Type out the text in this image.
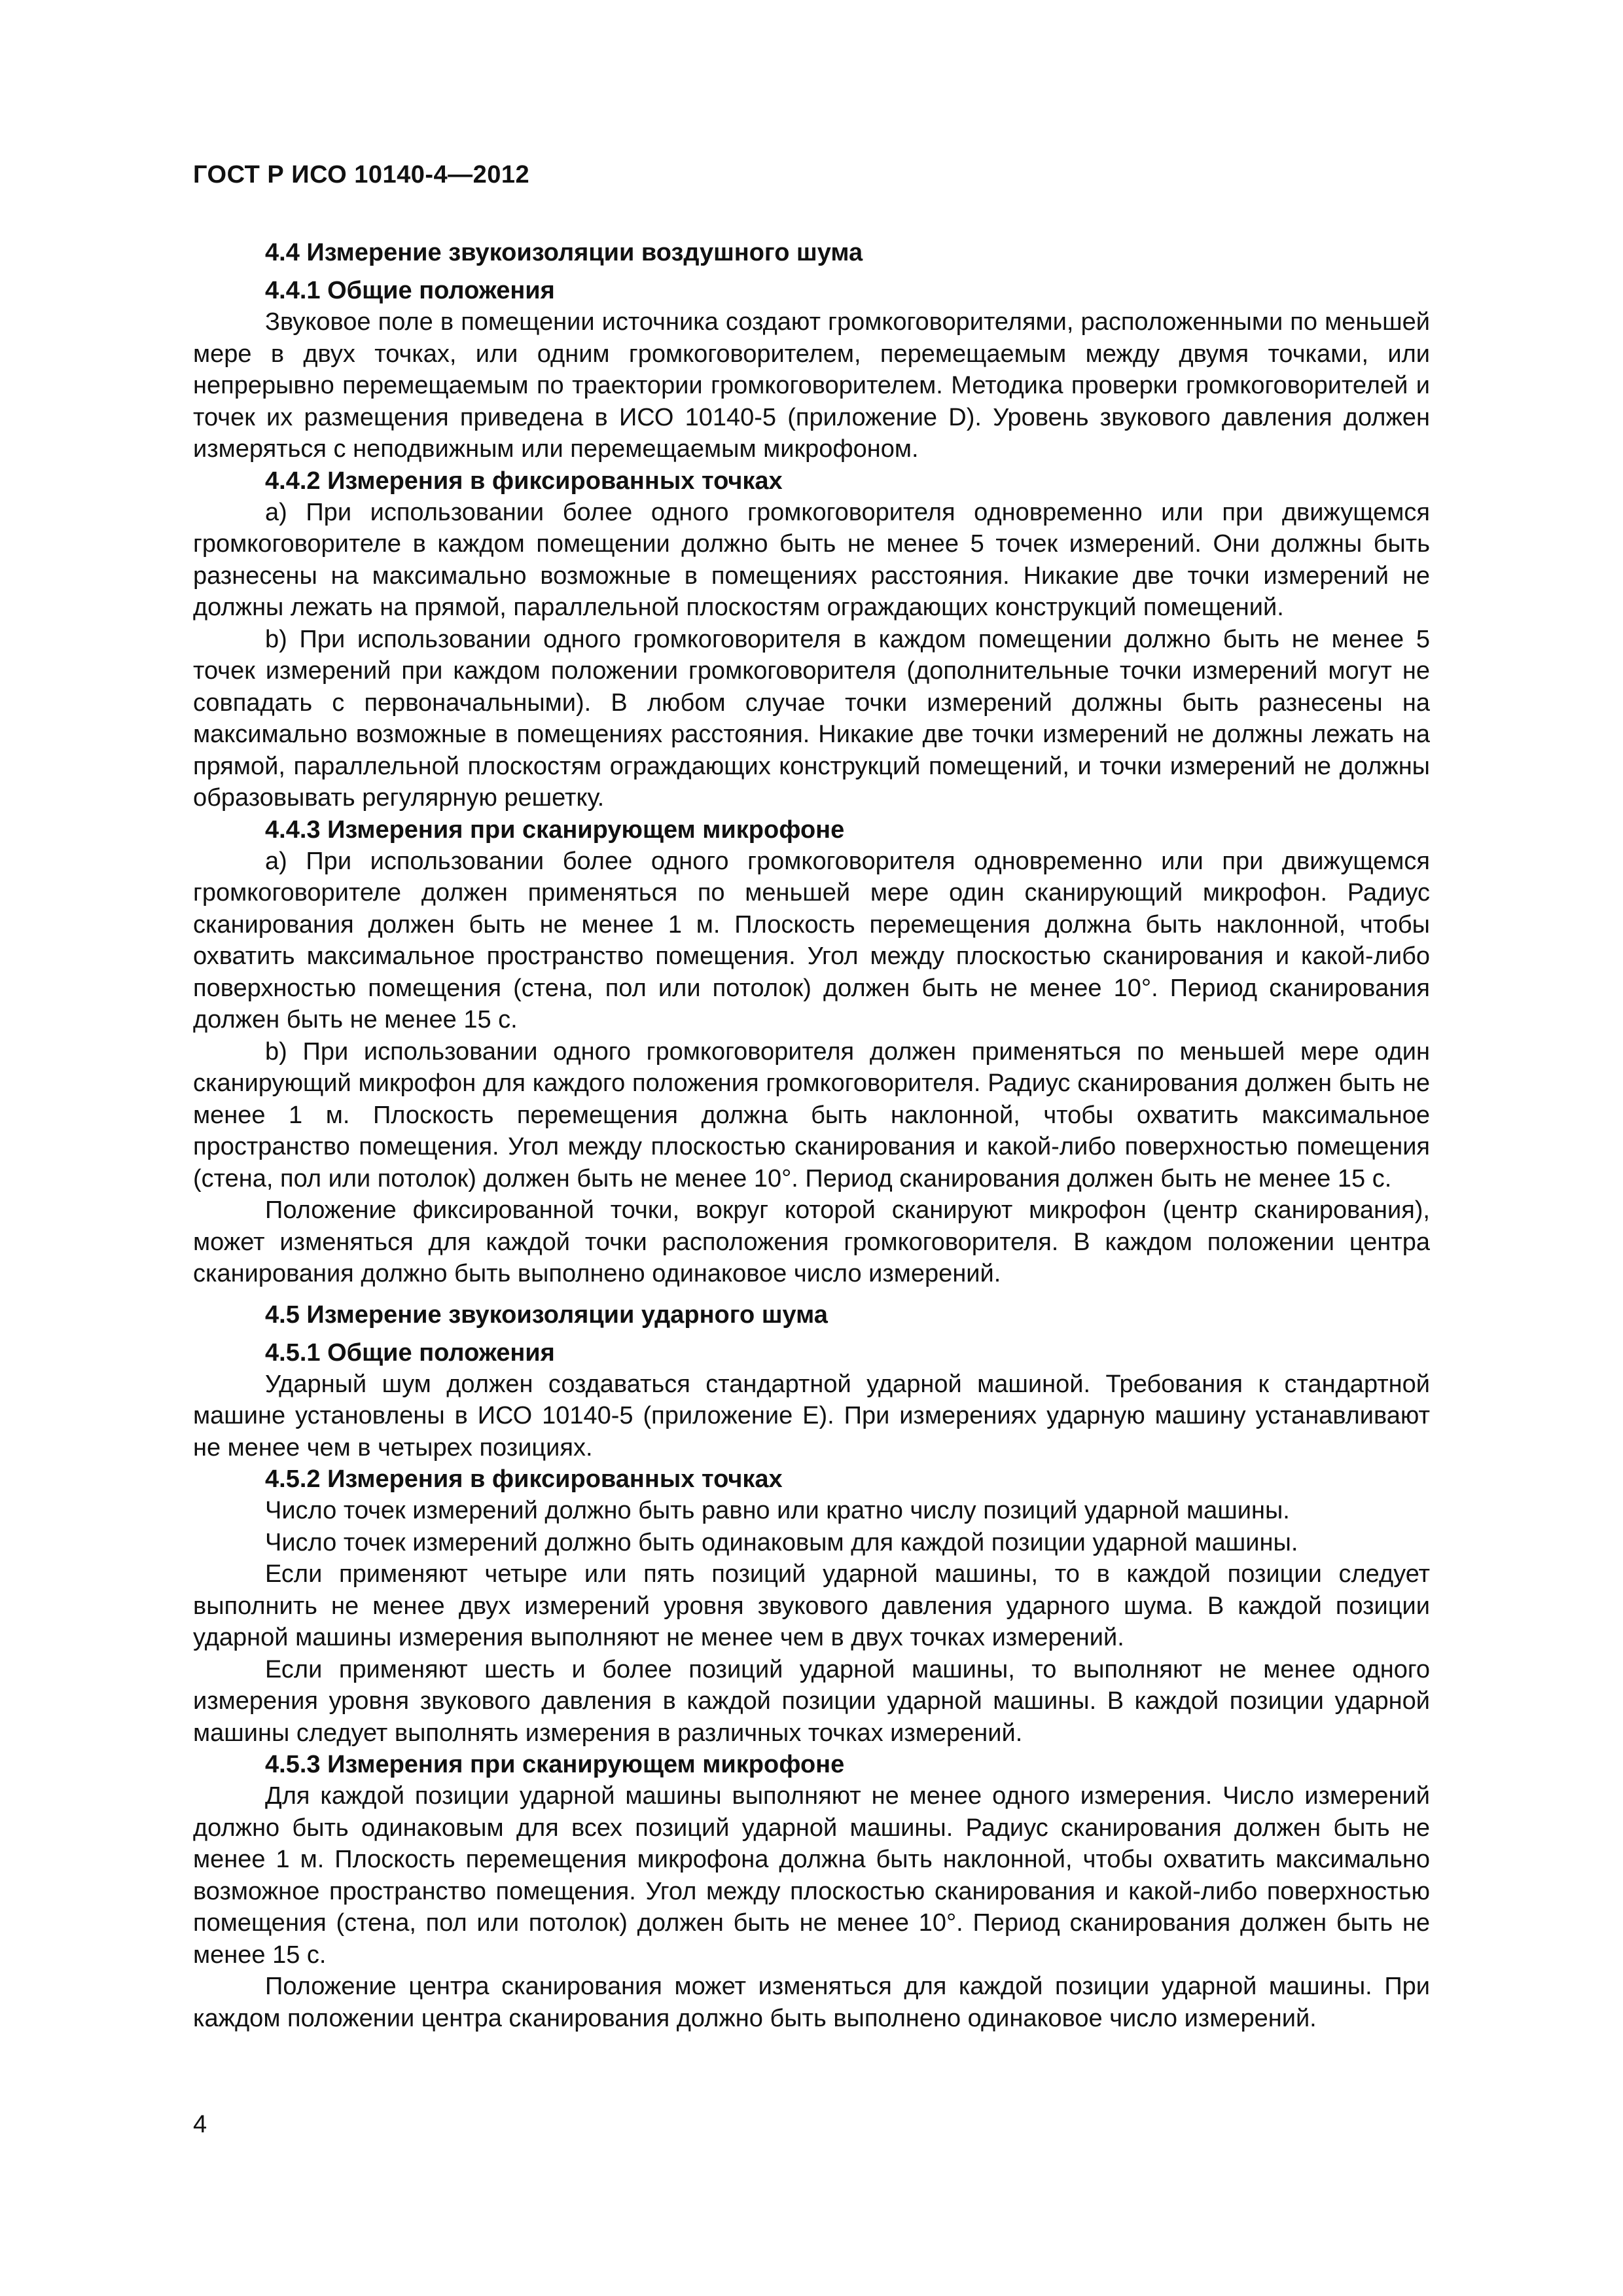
ГОСТ Р ИСО 10140-4—2012

4.4 Измерение звукоизоляции воздушного шума
4.4.1 Общие положения

Звуковое поле в помещении источника создают громкоговорителями, расположенными по меньшей мере в двух точках, или одним громкоговорителем, перемещаемым между двумя точками, или непрерывно перемещаемым по траектории громкоговорителем. Методика проверки громкоговорителей и точек их размещения приведена в ИСО 10140-5 (приложение D). Уровень звукового давления должен измеряться с неподвижным или перемещаемым микрофоном.

4.4.2 Измерения в фиксированных точках

а) При использовании более одного громкоговорителя одновременно или при движущемся громкоговорителе в каждом помещении должно быть не менее 5 точек измерений. Они должны быть разнесены на максимально возможные в помещениях расстояния. Никакие две точки измерений не должны лежать на прямой, параллельной плоскостям ограждающих конструкций помещений.

b) При использовании одного громкоговорителя в каждом помещении должно быть не менее 5 точек измерений при каждом положении громкоговорителя (дополнительные точки измерений могут не совпадать с первоначальными). В любом случае точки измерений должны быть разнесены на максимально возможные в помещениях расстояния. Никакие две точки измерений не должны лежать на прямой, параллельной плоскостям ограждающих конструкций помещений, и точки измерений не должны образовывать регулярную решетку.

4.4.3 Измерения при сканирующем микрофоне

а) При использовании более одного громкоговорителя одновременно или при движущемся громкоговорителе должен применяться по меньшей мере один сканирующий микрофон. Радиус сканирования должен быть не менее 1 м. Плоскость перемещения должна быть наклонной, чтобы охватить максимальное пространство помещения. Угол между плоскостью сканирования и какой-либо поверхностью помещения (стена, пол или потолок) должен быть не менее 10°. Период сканирования должен быть не менее 15 с.

b) При использовании одного громкоговорителя должен применяться по меньшей мере один сканирующий микрофон для каждого положения громкоговорителя. Радиус сканирования должен быть не менее 1 м. Плоскость перемещения должна быть наклонной, чтобы охватить максимальное пространство помещения. Угол между плоскостью сканирования и какой-либо поверхностью помещения (стена, пол или потолок) должен быть не менее 10°. Период сканирования должен быть не менее 15 с.

Положение фиксированной точки, вокруг которой сканируют микрофон (центр сканирования), может изменяться для каждой точки расположения громкоговорителя. В каждом положении центра сканирования должно быть выполнено одинаковое число измерений.

4.5 Измерение звукоизоляции ударного шума
4.5.1 Общие положения

Ударный шум должен создаваться стандартной ударной машиной. Требования к стандартной машине установлены в ИСО 10140-5 (приложение Е). При измерениях ударную машину устанавливают не менее чем в четырех позициях.

4.5.2 Измерения в фиксированных точках

Число точек измерений должно быть равно или кратно числу позиций ударной машины.

Число точек измерений должно быть одинаковым для каждой позиции ударной машины.

Если применяют четыре или пять позиций ударной машины, то в каждой позиции следует выполнить не менее двух измерений уровня звукового давления ударного шума. В каждой позиции ударной машины измерения выполняют не менее чем в двух точках измерений.

Если применяют шесть и более позиций ударной машины, то выполняют не менее одного измерения уровня звукового давления в каждой позиции ударной машины. В каждой позиции ударной машины следует выполнять измерения в различных точках измерений.

4.5.3 Измерения при сканирующем микрофоне

Для каждой позиции ударной машины выполняют не менее одного измерения. Число измерений должно быть одинаковым для всех позиций ударной машины. Радиус сканирования должен быть не менее 1 м. Плоскость перемещения микрофона должна быть наклонной, чтобы охватить максимально возможное пространство помещения. Угол между плоскостью сканирования и какой-либо поверхностью помещения (стена, пол или потолок) должен быть не менее 10°. Период сканирования должен быть не менее 15 с.

Положение центра сканирования может изменяться для каждой позиции ударной машины. При каждом положении центра сканирования должно быть выполнено одинаковое число измерений.

4
